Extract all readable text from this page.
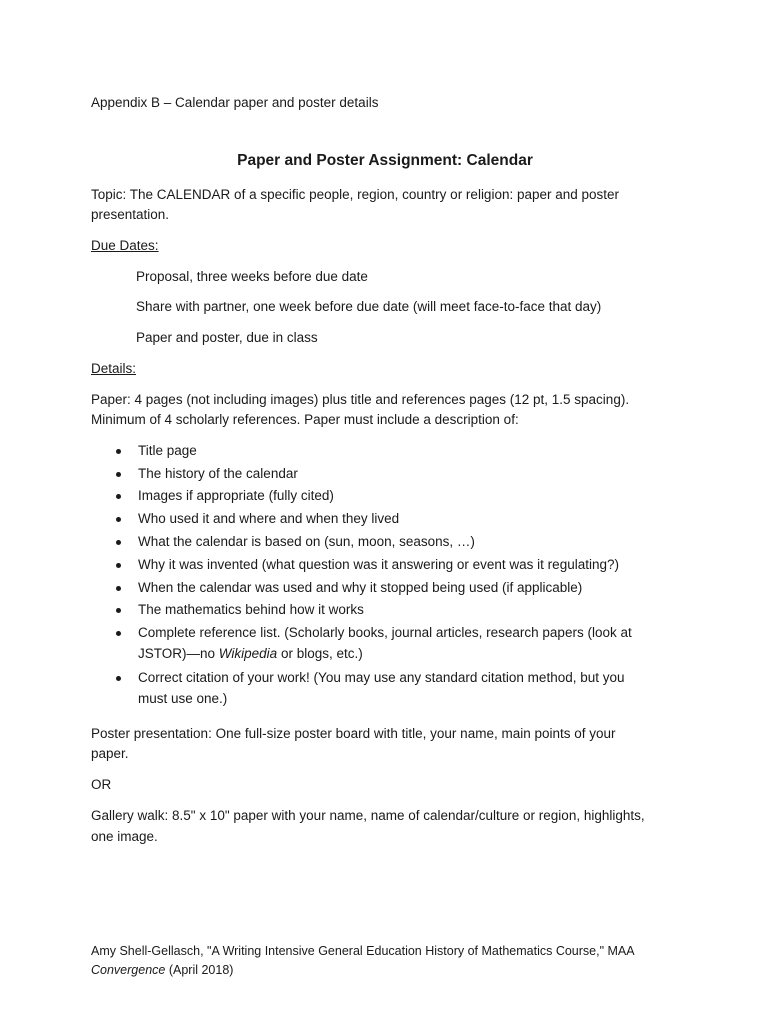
Appendix B – Calendar paper and poster details
Paper and Poster Assignment: Calendar
Topic: The CALENDAR of a specific people, region, country or religion: paper and poster
presentation.
Due Dates:
Proposal, three weeks before due date
Share with partner, one week before due date (will meet face-to-face that day)
Paper and poster, due in class
Details:
Paper: 4 pages (not including images) plus title and references pages (12 pt, 1.5 spacing).
Minimum of 4 scholarly references. Paper must include a description of:
Title page
The history of the calendar
Images if appropriate (fully cited)
Who used it and where and when they lived
What the calendar is based on (sun, moon, seasons, …)
Why it was invented (what question was it answering or event was it regulating?)
When the calendar was used and why it stopped being used (if applicable)
The mathematics behind how it works
Complete reference list. (Scholarly books, journal articles, research papers (look at
JSTOR)—no Wikipedia or blogs, etc.)
Correct citation of your work! (You may use any standard citation method, but you
must use one.)
Poster presentation: One full-size poster board with title, your name, main points of your
paper.
OR
Gallery walk: 8.5" x 10" paper with your name, name of calendar/culture or region, highlights,
one image.
Amy Shell-Gellasch, "A Writing Intensive General Education History of Mathematics Course," MAA
Convergence (April 2018)
